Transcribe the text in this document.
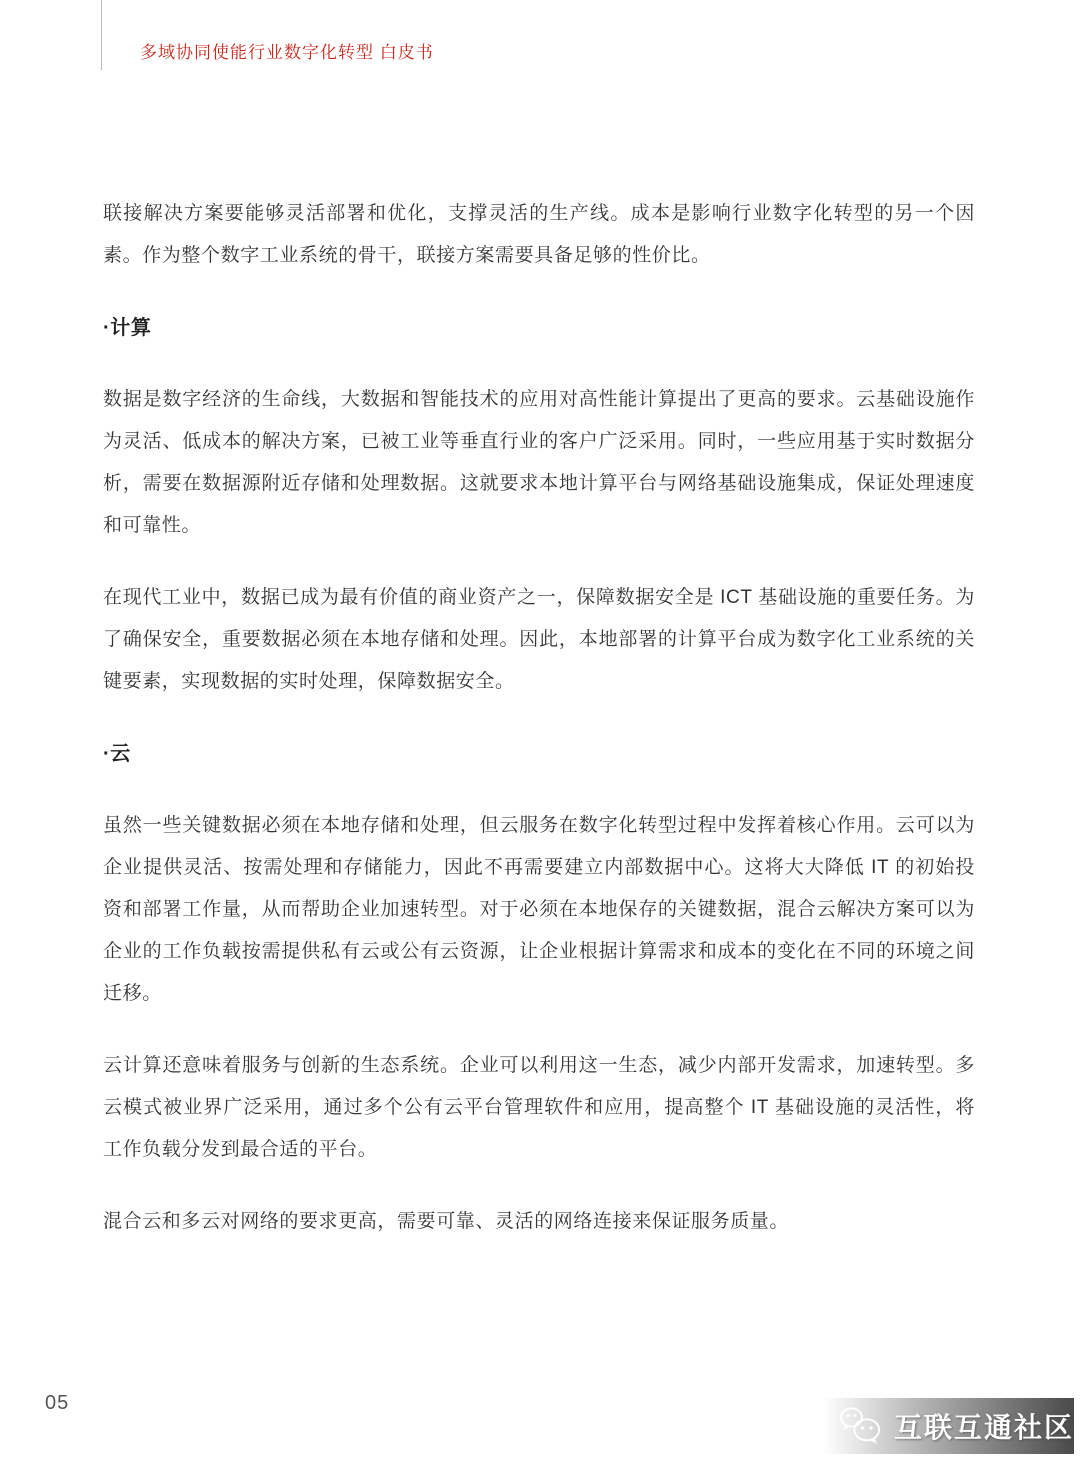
多域协同使能行业数字化转型 白皮书

联接解决方案要能够灵活部署和优化，支撑灵活的生产线。成本是影响行业数字化转型的另一个因素。作为整个数字工业系统的骨干，联接方案需要具备足够的性价比。

·计算

数据是数字经济的生命线，大数据和智能技术的应用对高性能计算提出了更高的要求。云基础设施作为灵活、低成本的解决方案，已被工业等垂直行业的客户广泛采用。同时，一些应用基于实时数据分析，需要在数据源附近存储和处理数据。这就要求本地计算平台与网络基础设施集成，保证处理速度和可靠性。

在现代工业中，数据已成为最有价值的商业资产之一，保障数据安全是 ICT 基础设施的重要任务。为了确保安全，重要数据必须在本地存储和处理。因此，本地部署的计算平台成为数字化工业系统的关键要素，实现数据的实时处理，保障数据安全。

·云

虽然一些关键数据必须在本地存储和处理，但云服务在数字化转型过程中发挥着核心作用。云可以为企业提供灵活、按需处理和存储能力，因此不再需要建立内部数据中心。这将大大降低 IT 的初始投资和部署工作量，从而帮助企业加速转型。对于必须在本地保存的关键数据，混合云解决方案可以为企业的工作负载按需提供私有云或公有云资源，让企业根据计算需求和成本的变化在不同的环境之间迁移。

云计算还意味着服务与创新的生态系统。企业可以利用这一生态，减少内部开发需求，加速转型。多云模式被业界广泛采用，通过多个公有云平台管理软件和应用，提高整个 IT 基础设施的灵活性，将工作负载分发到最合适的平台。

混合云和多云对网络的要求更高，需要可靠、灵活的网络连接来保证服务质量。

05
互联互通社区
